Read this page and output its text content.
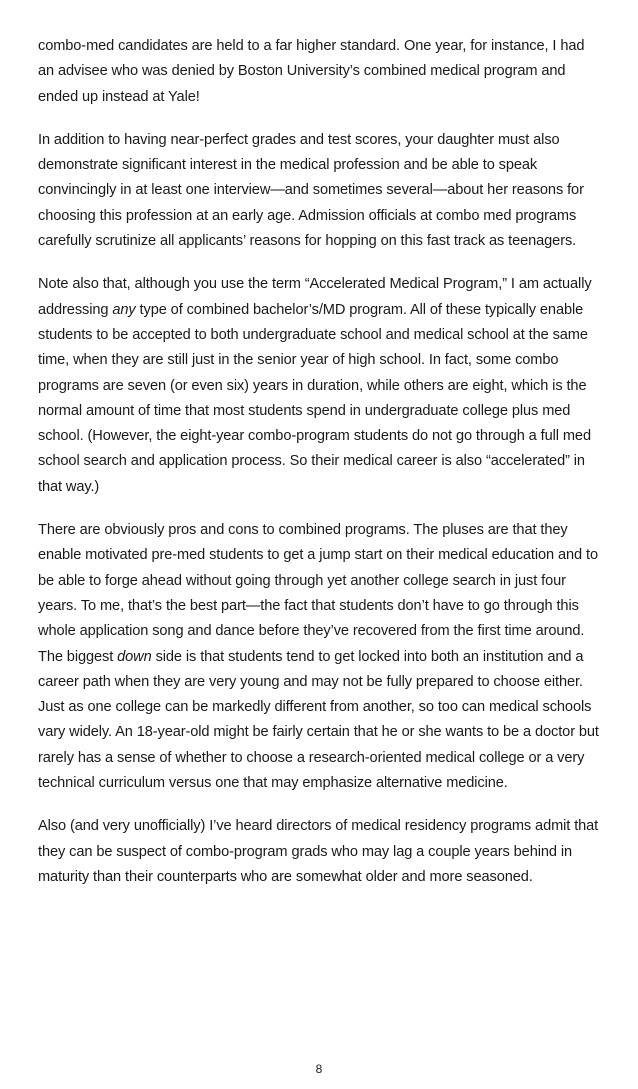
combo-med candidates are held to a far higher standard. One year, for instance, I had an advisee who was denied by Boston University’s combined medical program and ended up instead at Yale!

In addition to having near-perfect grades and test scores, your daughter must also demonstrate significant interest in the medical profession and be able to speak convincingly in at least one interview—and sometimes several—about her reasons for choosing this profession at an early age. Admission officials at combo med programs carefully scrutinize all applicants’ reasons for hopping on this fast track as teenagers.

Note also that, although you use the term “Accelerated Medical Program,” I am actually addressing any type of combined bachelor’s/MD program. All of these typically enable students to be accepted to both undergraduate school and medical school at the same time, when they are still just in the senior year of high school. In fact, some combo programs are seven (or even six) years in duration, while others are eight, which is the normal amount of time that most students spend in undergraduate college plus med school. (However, the eight-year combo-program students do not go through a full med school search and application process. So their medical career is also “accelerated” in that way.)

There are obviously pros and cons to combined programs. The pluses are that they enable motivated pre-med students to get a jump start on their medical education and to be able to forge ahead without going through yet another college search in just four years. To me, that’s the best part—the fact that students don’t have to go through this whole application song and dance before they’ve recovered from the first time around. The biggest down side is that students tend to get locked into both an institution and a career path when they are very young and may not be fully prepared to choose either. Just as one college can be markedly different from another, so too can medical schools vary widely. An 18-year-old might be fairly certain that he or she wants to be a doctor but rarely has a sense of whether to choose a research-oriented medical college or a very technical curriculum versus one that may emphasize alternative medicine.

Also (and very unofficially) I’ve heard directors of medical residency programs admit that they can be suspect of combo-program grads who may lag a couple years behind in maturity than their counterparts who are somewhat older and more seasoned.

8
